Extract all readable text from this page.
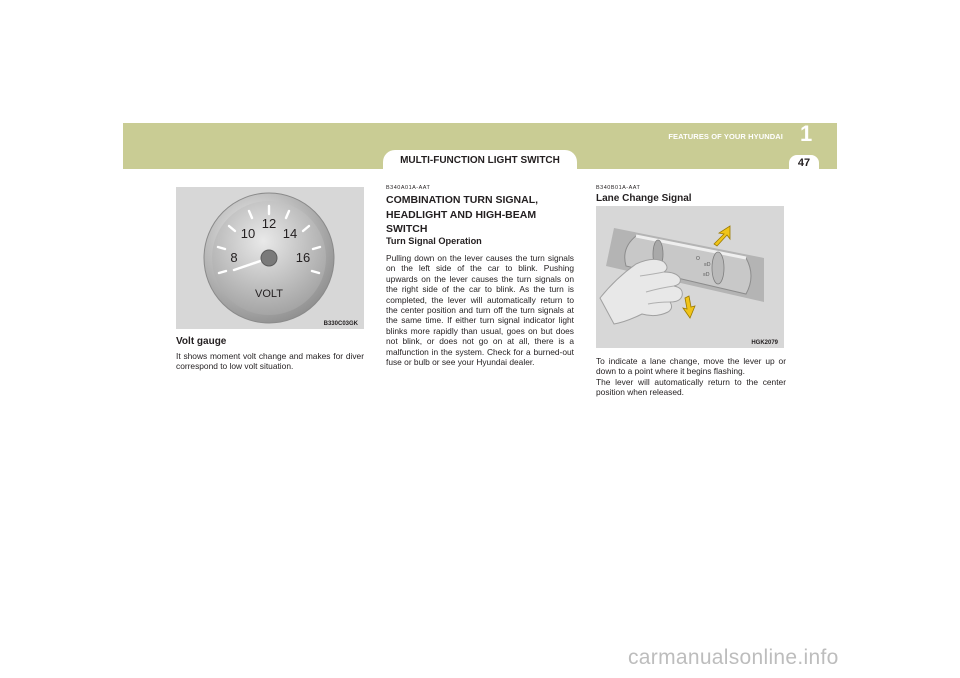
FEATURES OF YOUR HYUNDAI 1
47
MULTI-FUNCTION LIGHT SWITCH
8
10
12
14
16
VOLT
B330C03GK
Volt gauge
It shows moment volt change and makes for diver correspond to low volt situation.
B340A01A-AAT
COMBINATION TURN SIGNAL, HEADLIGHT AND HIGH-BEAM SWITCH
Turn Signal Operation
Pulling down on the lever causes the turn signals on the left side of the car to blink. Pushing upwards on the lever causes the turn signals on the right side of the car to blink. As the turn is completed, the lever will automatically return to the center position and turn off the turn signals at the same time. If either turn signal indicator light blinks more rapidly than usual, goes on but does not blink, or does not go on at all, there is a malfunction in the system. Check for a burned-out fuse or bulb or see your Hyundai dealer.
B340B01A-AAT
Lane Change Signal
O
≡D
≡D
HGK2079
To indicate a lane change, move the lever up or down to a point where it begins flashing.
The lever will automatically return to the center position when released.
carmanualsonline.info
